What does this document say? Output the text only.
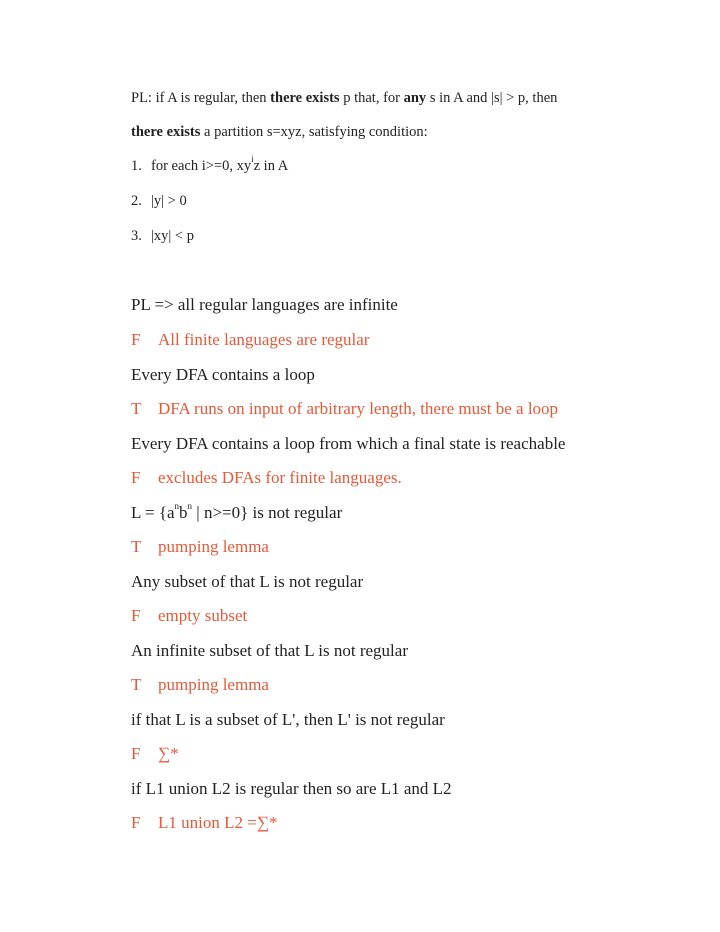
PL: if A is regular, then there exists p that, for any s in A and |s| > p, then
there exists a partition s=xyz, satisfying condition:
1. for each i>=0, $xy^iz$ in A
2. |y| > 0
3. |xy| < p
PL => all regular languages are infinite
F All finite languages are regular
Every DFA contains a loop
T DFA runs on input of arbitrary length, there must be a loop
Every DFA contains a loop from which a final state is reachable
F excludes DFAs for finite languages.
$L = \{a^nb^n$ | n>=0} is not regular
T pumping lemma
Any subset of that L is not regular
F empty subset
An infinite subset of that L is not regular
T pumping lemma
if that L is a subset of L', then L' is not regular
F ∑*
if L1 union L2 is regular then so are L1 and L2
F L1 union L2 =∑*
